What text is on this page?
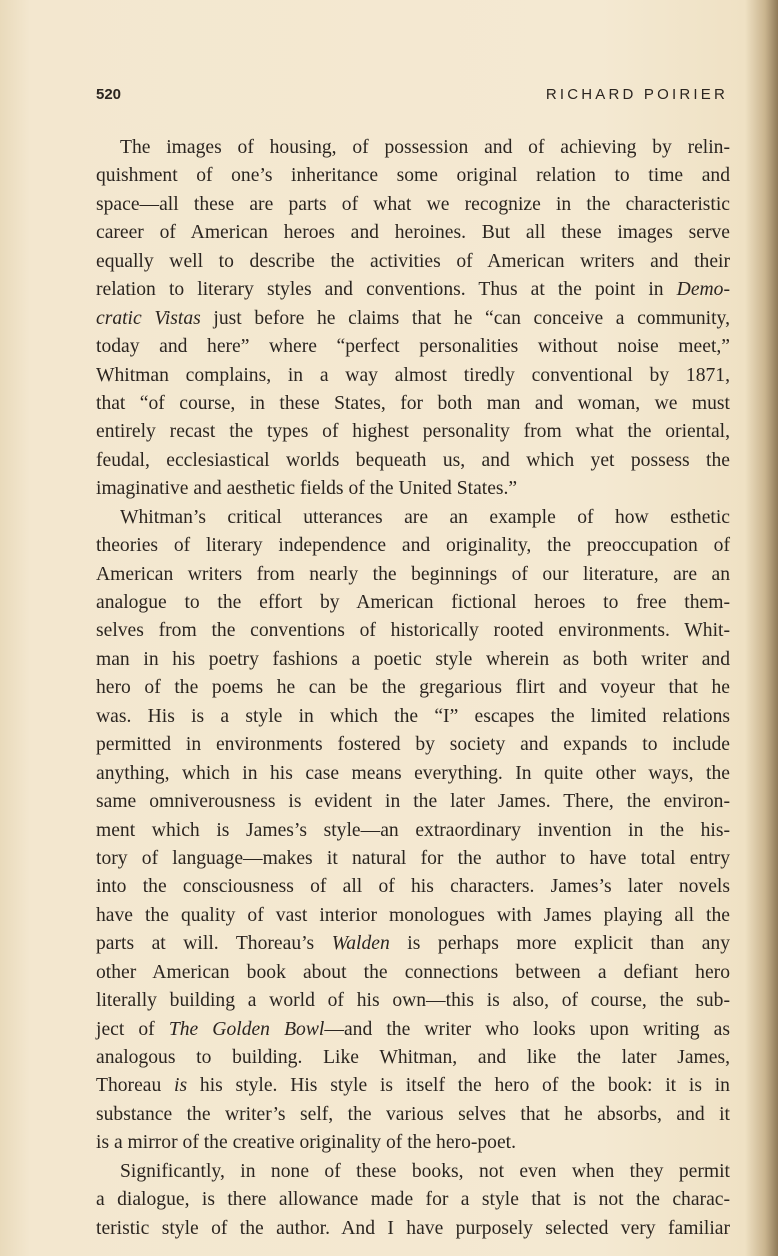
520	RICHARD POIRIER
The images of housing, of possession and of achieving by relin-
quishment of one’s inheritance some original relation to time and
space—all these are parts of what we recognize in the characteristic
career of American heroes and heroines. But all these images serve
equally well to describe the activities of American writers and their
relation to literary styles and conventions. Thus at the point in Demo-
cratic Vistas just before he claims that he “can conceive a community,
today and here” where “perfect personalities without noise meet,”
Whitman complains, in a way almost tiredly conventional by 1871,
that “of course, in these States, for both man and woman, we must
entirely recast the types of highest personality from what the oriental,
feudal, ecclesiastical worlds bequeath us, and which yet possess the
imaginative and aesthetic fields of the United States.”
Whitman’s critical utterances are an example of how esthetic
theories of literary independence and originality, the preoccupation of
American writers from nearly the beginnings of our literature, are an
analogue to the effort by American fictional heroes to free them-
selves from the conventions of historically rooted environments. Whit-
man in his poetry fashions a poetic style wherein as both writer and
hero of the poems he can be the gregarious flirt and voyeur that he
was. His is a style in which the “I” escapes the limited relations
permitted in environments fostered by society and expands to include
anything, which in his case means everything. In quite other ways, the
same omniverousness is evident in the later James. There, the environ-
ment which is James’s style—an extraordinary invention in the his-
tory of language—makes it natural for the author to have total entry
into the consciousness of all of his characters. James’s later novels
have the quality of vast interior monologues with James playing all the
parts at will. Thoreau’s Walden is perhaps more explicit than any
other American book about the connections between a defiant hero
literally building a world of his own—this is also, of course, the sub-
ject of The Golden Bowl—and the writer who looks upon writing as
analogous to building. Like Whitman, and like the later James,
Thoreau is his style. His style is itself the hero of the book: it is in
substance the writer’s self, the various selves that he absorbs, and it
is a mirror of the creative originality of the hero-poet.
Significantly, in none of these books, not even when they permit
a dialogue, is there allowance made for a style that is not the charac-
teristic style of the author. And I have purposely selected very familiar
